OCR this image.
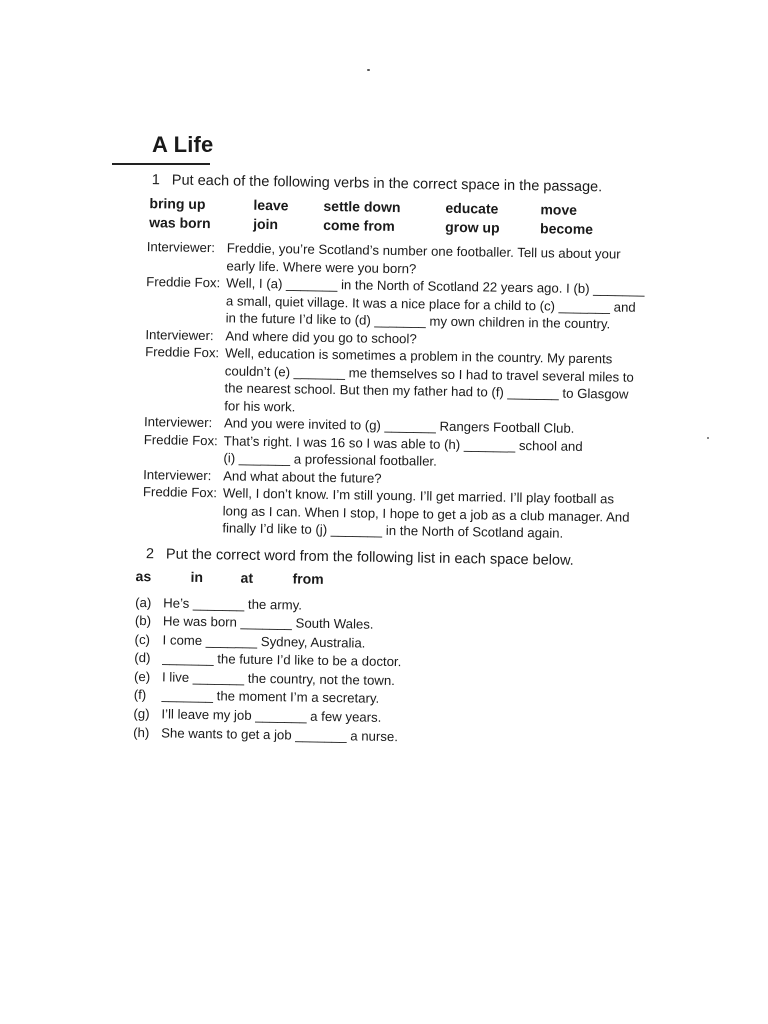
A Life
1 Put each of the following verbs in the correct space in the passage.
bring up	leave	settle down	educate	move
was born	join	come from	grow up	become
Interviewer: Freddie, you’re Scotland’s number one footballer. Tell us about your
early life. Where were you born?
Freddie Fox: Well, I (a) _______ in the North of Scotland 22 years ago. I (b) _______
a small, quiet village. It was a nice place for a child to (c) _______ and
in the future I’d like to (d) _______ my own children in the country.
Interviewer: And where did you go to school?
Freddie Fox: Well, education is sometimes a problem in the country. My parents
couldn’t (e) _______ me themselves so I had to travel several miles to
the nearest school. But then my father had to (f) _______ to Glasgow
for his work.
Interviewer: And you were invited to (g) _______ Rangers Football Club.
Freddie Fox: That’s right. I was 16 so I was able to (h) _______ school and
(i) _______ a professional footballer.
Interviewer: And what about the future?
Freddie Fox: Well, I don’t know. I’m still young. I’ll get married. I’ll play football as
long as I can. When I stop, I hope to get a job as a club manager. And
finally I’d like to (j) _______ in the North of Scotland again.
2 Put the correct word from the following list in each space below.
as	in	at	from
(a) He’s _______ the army.
(b) He was born _______ South Wales.
(c) I come _______ Sydney, Australia.
(d) _______ the future I’d like to be a doctor.
(e) I live _______ the country, not the town.
(f)	_______ the moment I’m a secretary.
(g) I’ll leave my job _______ a few years.
(h) She wants to get a job _______ a nurse.
